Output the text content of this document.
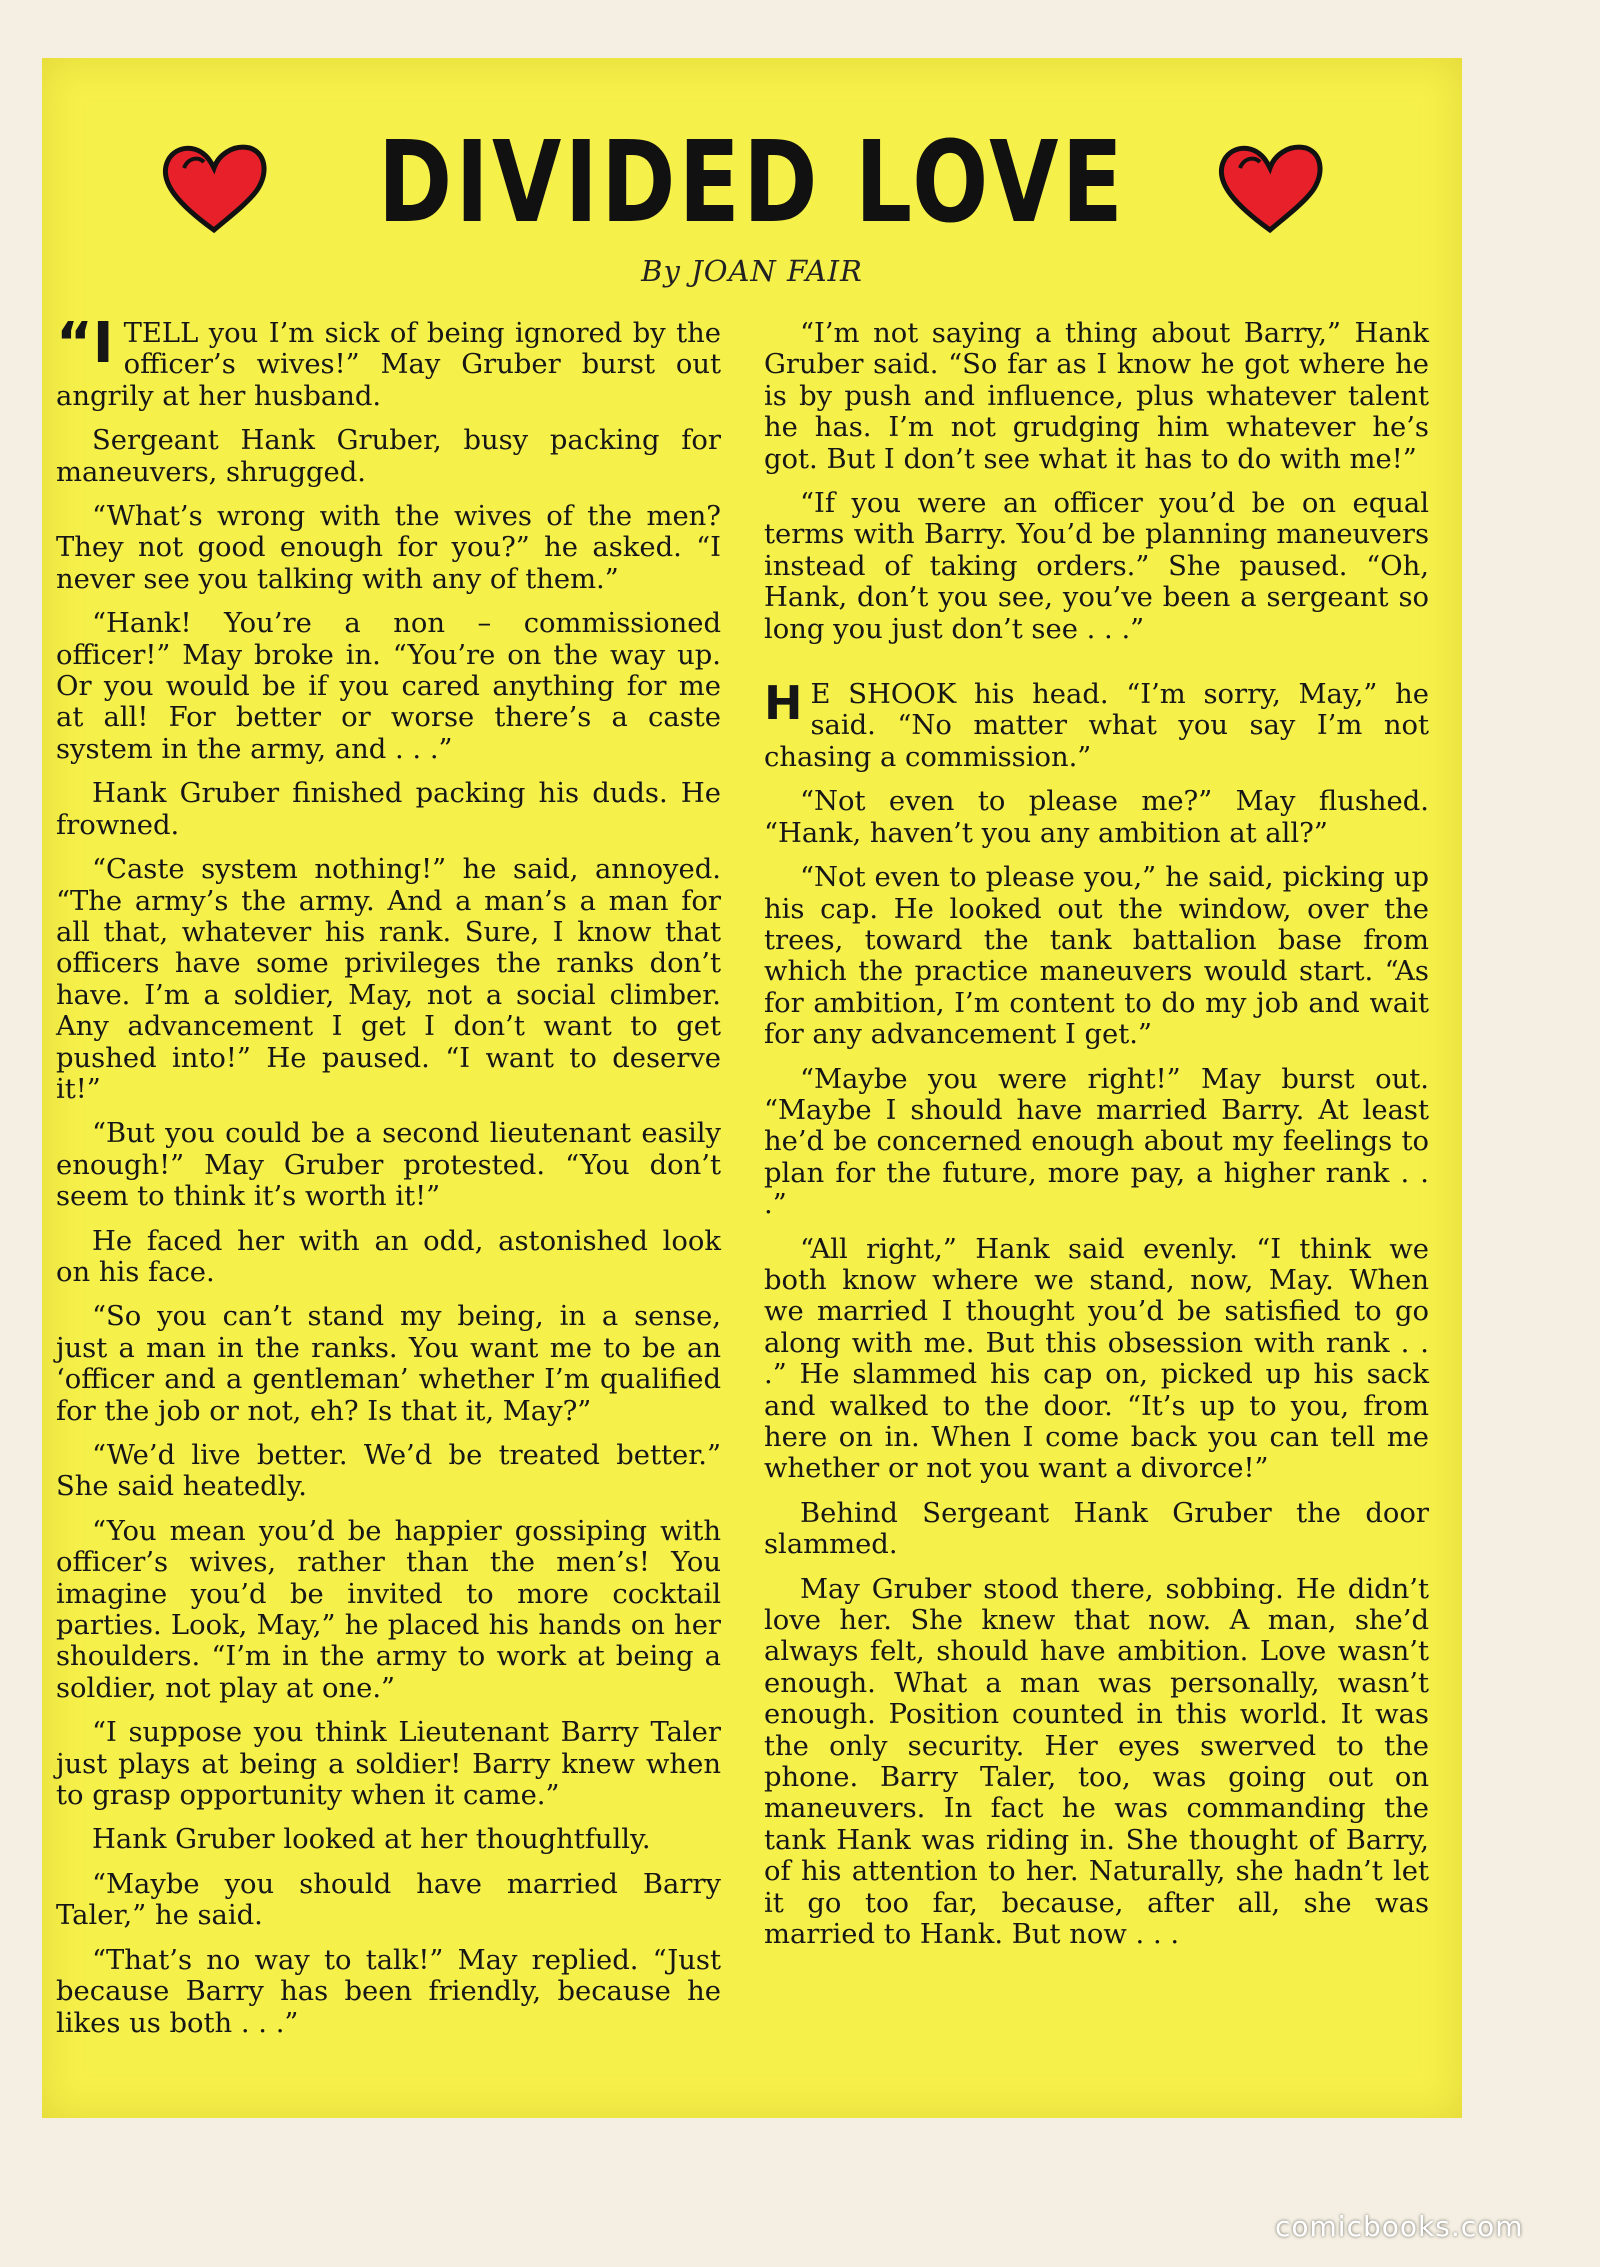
DIVIDED LOVE
By JOAN FAIR

“ITELL you I’m sick of being ignored by the officer’s wives!” May Gruber burst out angrily at her husband.

Sergeant Hank Gruber, busy packing for maneuvers, shrugged.

“What’s wrong with the wives of the men? They not good enough for you?” he asked. “I never see you talking with any of them.”

“Hank! You’re a non – commissioned officer!” May broke in. “You’re on the way up. Or you would be if you cared anything for me at all! For better or worse there’s a caste system in the army, and . . .”

Hank Gruber finished packing his duds. He frowned.

“Caste system nothing!” he said, annoyed. “The army’s the army. And a man’s a man for all that, whatever his rank. Sure, I know that officers have some privileges the ranks don’t have. I’m a soldier, May, not a social climber. Any advancement I get I don’t want to get pushed into!” He paused. “I want to deserve it!”

“But you could be a second lieutenant easily enough!” May Gruber protested. “You don’t seem to think it’s worth it!”

He faced her with an odd, astonished look on his face.

“So you can’t stand my being, in a sense, just a man in the ranks. You want me to be an ‘officer and a gentleman’ whether I’m qualified for the job or not, eh? Is that it, May?”

“We’d live better. We’d be treated better.” She said heatedly.

“You mean you’d be happier gossiping with officer’s wives, rather than the men’s! You imagine you’d be invited to more cocktail parties. Look, May,” he placed his hands on her shoulders. “I’m in the army to work at being a soldier, not play at one.”

“I suppose you think Lieutenant Barry Taler just plays at being a soldier! Barry knew when to grasp opportunity when it came.”

Hank Gruber looked at her thoughtfully.

“Maybe you should have married Barry Taler,” he said.

“That’s no way to talk!” May replied. “Just because Barry has been friendly, because he likes us both . . .”

“I’m not saying a thing about Barry,” Hank Gruber said. “So far as I know he got where he is by push and influence, plus whatever talent he has. I’m not grudging him whatever he’s got. But I don’t see what it has to do with me!”

“If you were an officer you’d be on equal terms with Barry. You’d be planning maneuvers instead of taking orders.” She paused. “Oh, Hank, don’t you see, you’ve been a sergeant so long you just don’t see . . .”

HE SHOOK his head. “I’m sorry, May,” he said. “No matter what you say I’m not chasing a commission.”

“Not even to please me?” May flushed. “Hank, haven’t you any ambition at all?”

“Not even to please you,” he said, picking up his cap. He looked out the window, over the trees, toward the tank battalion base from which the practice maneuvers would start. “As for ambition, I’m content to do my job and wait for any advancement I get.”

“Maybe you were right!” May burst out. “Maybe I should have married Barry. At least he’d be concerned enough about my feelings to plan for the future, more pay, a higher rank . . .”

“All right,” Hank said evenly. “I think we both know where we stand, now, May. When we married I thought you’d be satisfied to go along with me. But this obsession with rank . . .” He slammed his cap on, picked up his sack and walked to the door. “It’s up to you, from here on in. When I come back you can tell me whether or not you want a divorce!”

Behind Sergeant Hank Gruber the door slammed.

May Gruber stood there, sobbing. He didn’t love her. She knew that now. A man, she’d always felt, should have ambition. Love wasn’t enough. What a man was personally, wasn’t enough. Position counted in this world. It was the only security. Her eyes swerved to the phone. Barry Taler, too, was going out on maneuvers. In fact he was commanding the tank Hank was riding in. She thought of Barry, of his attention to her. Naturally, she hadn’t let it go too far, because, after all, she was married to Hank. But now . . .

comicbooks.com
